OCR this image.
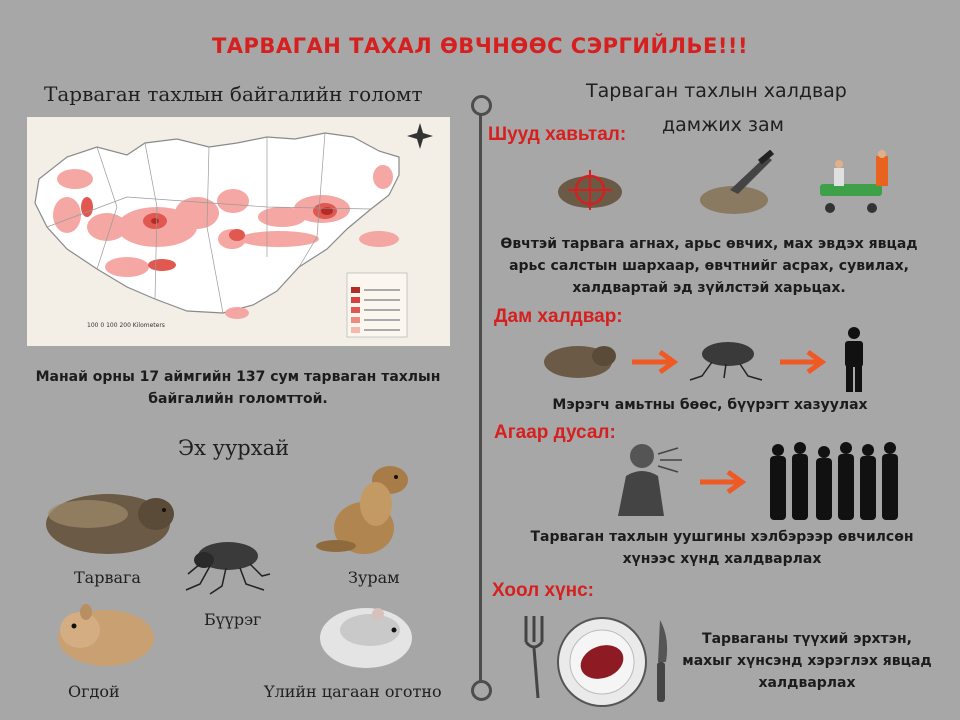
ТАРВАГАН ТАХАЛ ӨВЧНӨӨС СЭРГИЙЛЬЕ!!!
Тарваган тахлын байгалийн голомт
100 0 100 200 Kilometers
Манай орны 17 аймгийн 137 сум тарваган тахлын байгалийн голомттой.
Эх уурхай
Тарвага
Бүүрэг
Зурам
Огдой	Үлийн цагаан оготно
Тарваган тахлын халдвар
дамжих зам
Шууд хавьтал:
Өвчтэй тарвага агнах, арьс өвчих, мах эвдэх явцад арьс салстын шархаар, өвчтнийг асрах, сувилах, халдвартай эд зүйлстэй харьцах.
Дам халдвар:
Мэрэгч амьтны бөөс, бүүрэгт хазуулах
Агаар дусал:
Тарваган тахлын уушгины хэлбэрээр өвчилсөн хүнээс хүнд халдварлах
Хоол хүнс:
Тарваганы түүхий эрхтэн, махыг хүнсэнд хэрэглэх явцад халдварлах
